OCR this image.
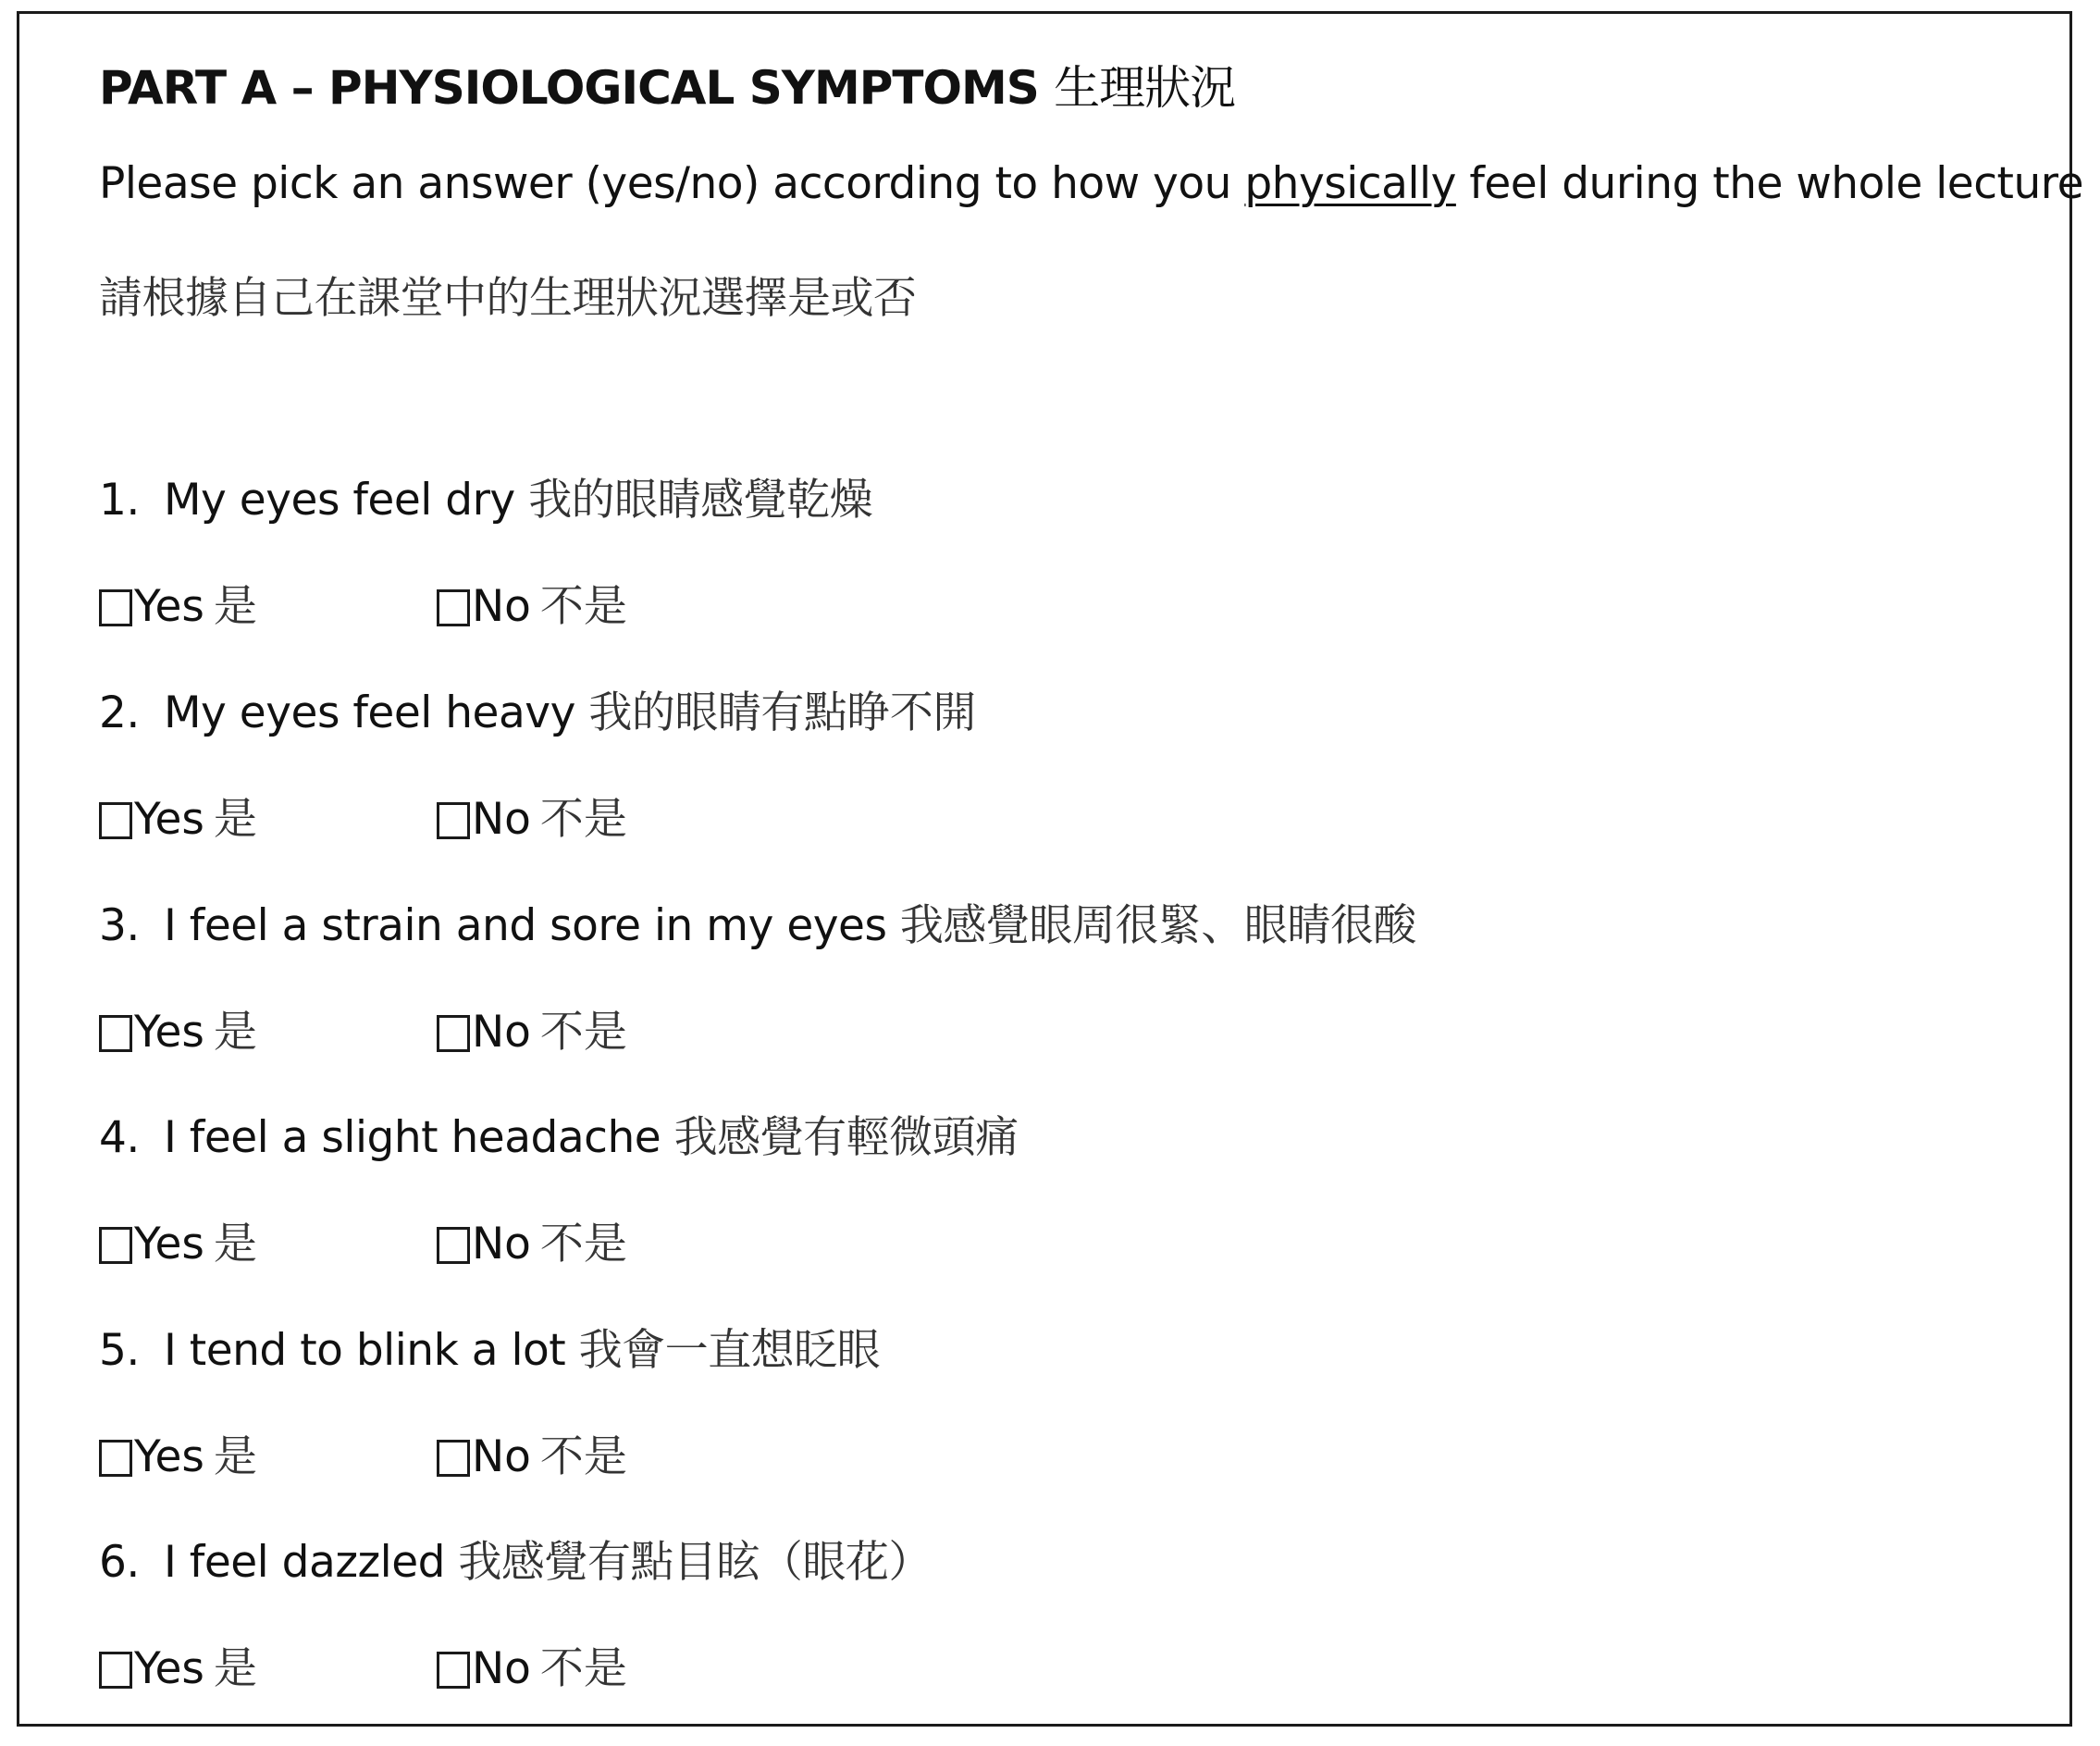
PART A – PHYSIOLOGICAL SYMPTOMS 生理狀況
Please pick an answer (yes/no) according to how you physically feel during the whole lecture
請根據自己在課堂中的生理狀況選擇是或否
1. My eyes feel dry 我的眼睛感覺乾燥
Yes 是	No 不是
2. My eyes feel heavy 我的眼睛有點睁不開
Yes 是	No 不是
3. I feel a strain and sore in my eyes 我感覺眼周很緊、眼睛很酸
Yes 是	No 不是
4. I feel a slight headache 我感覺有輕微頭痛
Yes 是	No 不是
5. I tend to blink a lot 我會一直想眨眼
Yes 是	No 不是
6. I feel dazzled 我感覺有點目眩（眼花）
Yes 是	No 不是
